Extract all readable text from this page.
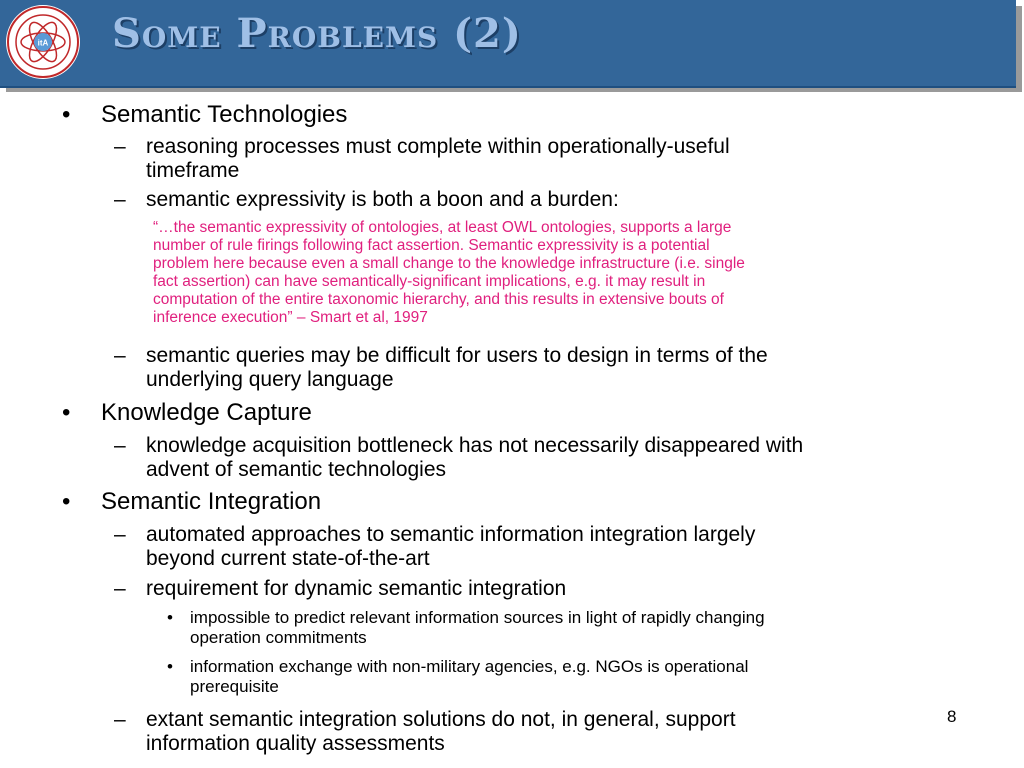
itA Some Problems (2)
• Semantic Technologies
– reasoning processes must complete within operationally-useful
timeframe
– semantic expressivity is both a boon and a burden:
“…the semantic expressivity of ontologies, at least OWL ontologies, supports a large
number of rule firings following fact assertion. Semantic expressivity is a potential
problem here because even a small change to the knowledge infrastructure (i.e. single
fact assertion) can have semantically-significant implications, e.g. it may result in
computation of the entire taxonomic hierarchy, and this results in extensive bouts of
inference execution” – Smart et al, 1997
– semantic queries may be difficult for users to design in terms of the
underlying query language
• Knowledge Capture
– knowledge acquisition bottleneck has not necessarily disappeared with
advent of semantic technologies
• Semantic Integration
– automated approaches to semantic information integration largely
beyond current state-of-the-art
– requirement for dynamic semantic integration
• impossible to predict relevant information sources in light of rapidly changing
operation commitments
• information exchange with non-military agencies, e.g. NGOs is operational
prerequisite
– extant semantic integration solutions do not, in general, support
information quality assessments
8
